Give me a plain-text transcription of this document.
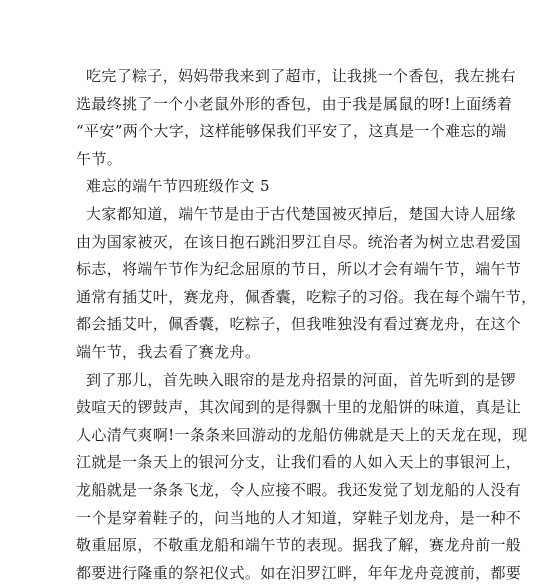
吃完了粽子，妈妈带我来到了超市，让我挑一个香包，我左挑右
选最终挑了一个小老鼠外形的香包，由于我是属鼠的呀!上面绣着
“平安”两个大字，这样能够保我们平安了，这真是一个难忘的端
午节。

难忘的端午节四班级作文 5

大家都知道，端午节是由于古代楚国被灭掉后，楚国大诗人屈缘
由为国家被灭，在该日抱石跳汨罗江自尽。统治者为树立忠君爱国
标志，将端午节作为纪念屈原的节日，所以才会有端午节，端午节
通常有插艾叶，赛龙舟，佩香囊，吃粽子的习俗。我在每个端午节，
都会插艾叶，佩香囊，吃粽子，但我唯独没有看过赛龙舟，在这个
端午节，我去看了赛龙舟。

到了那儿，首先映入眼帘的是龙舟招景的河面，首先听到的是锣
鼓喧天的锣鼓声，其次闻到的是得飘十里的龙船饼的味道，真是让
人心清气爽啊!一条条来回游动的龙船仿佛就是天上的天龙在现，现
江就是一条天上的银河分支，让我们看的人如入天上的事银河上，
龙船就是一条条飞龙，令人应接不暇。我还发觉了划龙船的人没有
一个是穿着鞋子的，问当地的人才知道，穿鞋子划龙舟，是一种不
敬重屈原，不敬重龙船和端午节的表现。据我了解，赛龙舟前一般
都要进行隆重的祭祀仪式。如在汨罗江畔，年年龙舟竞渡前，都要
